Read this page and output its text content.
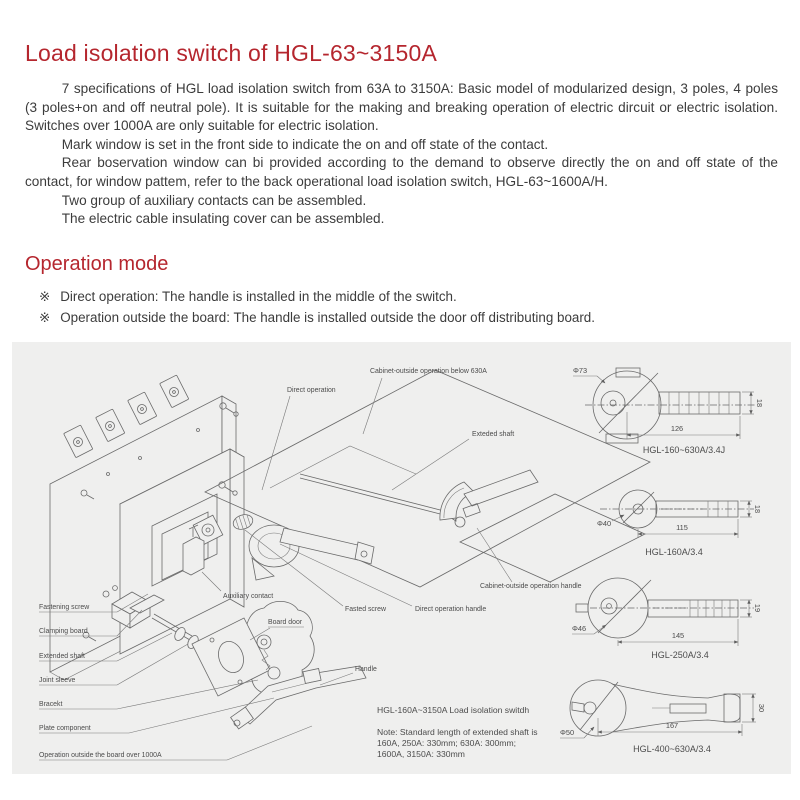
Load isolation switch of HGL-63~3150A

7 specifications of HGL load isolation switch from 63A to 3150A: Basic model of modularized design, 3 poles, 4 poles (3 poles+on and off neutral pole). It is suitable for the making and breaking operation of electric dircuit or electric isolation. Switches over 1000A are only suitable for electric isolation.

Mark window is set in the front side to indicate the on and off state of the contact.

Rear boservation window can bi provided according to the demand to observe directly the on and off state of the contact, for window pattem, refer to the back operational load isolation switch, HGL-63~1600A/H.

Two group of auxiliary contacts can be assembled.

The electric cable insulating cover can be assembled.

Operation mode
※ Direct operation: The handle is installed in the middle of the switch.
※ Operation outside the board: The handle is installed outside the door off distributing board.
Direct operation
Cabinet-outside operation below 630A
Exteded shaft
Auxiliary contact
Fasted screw	Direct operation handle
Cabinet-outside operation handle
Board door
Handle
Fastening screw
Clamping board
Extended shaft
Joint sleeve
Bracekt
Plate component
Operation outside the board over 1000A
HGL-160A~3150A Load isolation switdh
Note: Standard length of extended shaft is
160A, 250A: 330mm; 630A: 300mm;
1600A, 3150A: 330mm
Φ73
126
18
HGL-160~630A/3.4J
Φ40	115
18
HGL-160A/3.4
Φ46
145
19
HGL-250A/3.4
Φ50
167
30
HGL-400~630A/3.4
